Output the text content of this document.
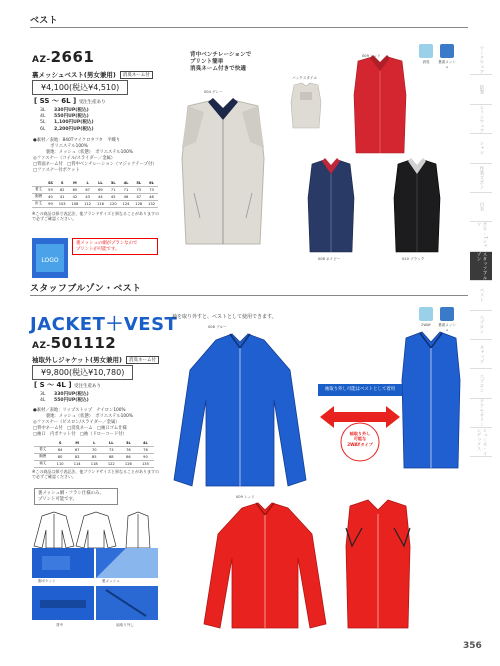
ベスト
AZ-2661
裏メッシュベスト(男女兼用) 消臭ネーム付
¥4,100(税込¥4,510)
[ SS 〜 6L ] 受注生産あり
3L 330円UP(税込)
4L 550円UP(税込)
5L 1,100円UP(税込)
6L 2,200円UP(税込)
●素材／表地：840Tマイクロタフタ　平織り
　　　　ポリエステル100%
　　　裏地：メッシュ（状態）　ポリエステル100%
◎ファスナー（コイル/スライダー／金属）
□背面ネーム付　□背中ベンチレーション（マジックテープ付）
□ファスナー付ポケット
	SS	S	M	L	LL	3L	4L	5L	6L
着丈	59	62	65	67	69	71	71	73	73
胸囲	40	41	42	43	44	45	46	47	48
裄丈	99	103	108	112	116	120	124	128	132
※この商品は採寸表記法、他ブランドサイズと異なることがありますので必ずご確認ください。
LOGO
裏メッシュの網がプランなので
プリントが可能です。
背中ベンチレーションで
プリント簡単
消臭ネーム付きで快適
004 グレー
バックスタイル
008 ネイビー
009 レッド
010 ブラック
消臭	裏面メッシュ
スタッフブルゾン・ベスト
JACKET＋VEST
袖を取り外すと、ベストとして使用できます。
2WAY	裏面メッシュ
AZ-501112
袖取外しジャケット(男女兼用) 消臭ネーム付
¥9,800(税込¥10,780)
[ S 〜 4L ] 受注生産あり
3L 330円UP(税込)
4L 550円UP(税込)
●素材／表地：リップストップ　ナイロン100%
　　　裏地：メッシュ（状態）　ポリエステル100%
◎ファスナー（ビスロン/スライダー／金属）
□背中ネーム付　□消臭ネーム　□袖口ゴム仕様
□袖口　内ポケット付　□袖（ドローコード付）
	S	M	L	LL	3L	4L
着丈	64	67	70	73	76	76
胸囲	80	83	85	88	86	90
袖丈	110	114	118	122	126	135
※この商品は採寸表記法、他ブランドサイズと異なることがありますので必ずご確認ください。
裏メッシュ網・フラシ仕様のみ、
プリント可能です。
胸ポケット	裏メッシュ
背中	袖取り外し
006 ブルー
袖取り外し可能はベストとして着用
袖取り外し
可能な
2WAYタイプ
009 レッド
ワークウェア
防寒
レインウェア
シャツ
作業ズボン
白衣
ポロ・Tシャツ
スタッフブルゾン
ベスト
エプロン
キャップ
エプロン
アクセサリー
シューズ・インデックス
356
